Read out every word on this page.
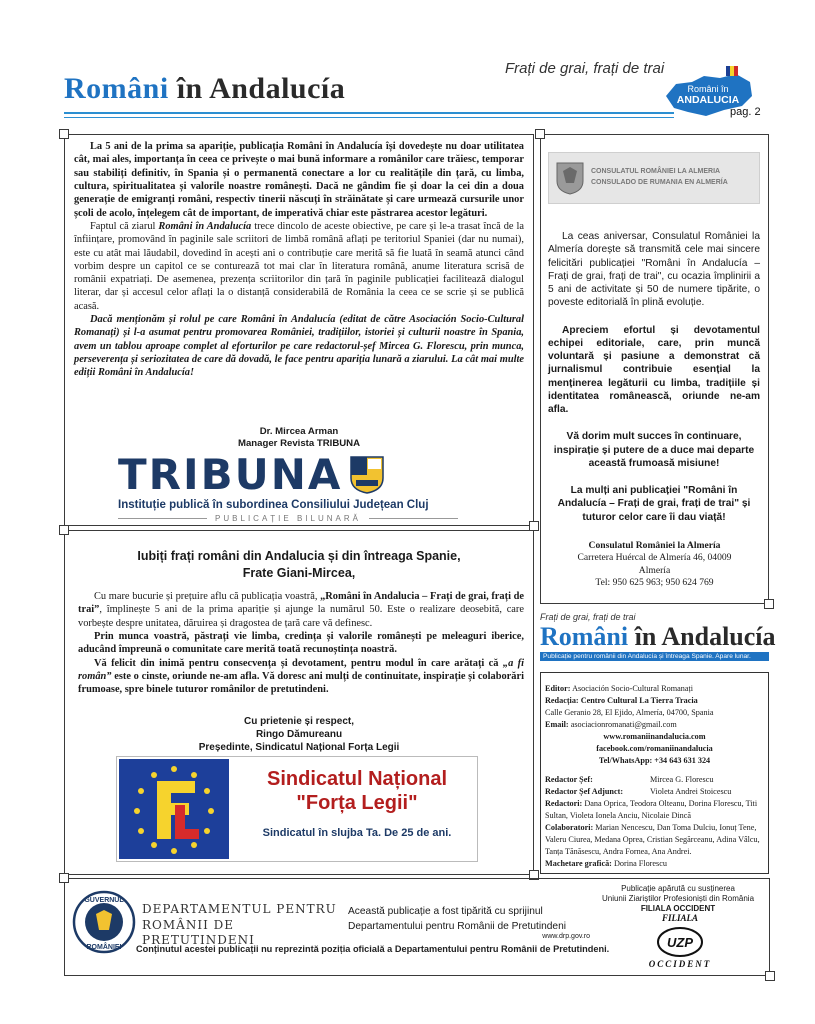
Români în Andalucía
Frați de grai, frați de trai
Români în
ANDALUCIA
pag. 2

La 5 ani de la prima sa apariție, publicația Români în Andalucía își dovedește nu doar utilitatea cât, mai ales, importanța în ceea ce privește o mai bună informare a românilor care trăiesc, temporar sau stabiliți definitiv, în Spania și o permanentă conectare a lor cu realitățile din țară, cu limba, cultura, spiritualitatea și valorile noastre românești. Dacă ne gândim fie și doar la cei din a doua generație de emigranți români, respectiv tinerii născuți în străinătate și care urmează cursurile unor școli de acolo, înțelegem cât de important, de imperativă chiar este păstrarea acestor legături.

Faptul că ziarul Români în Andalucía trece dincolo de aceste obiective, pe care și le-a trasat încă de la înființare, promovând în paginile sale scriitori de limbă română aflați pe teritoriul Spaniei (dar nu numai), este cu atât mai lăudabil, dovedind în acești ani o contribuție care merită să fie luată în seamă atunci când vorbim despre un capitol ce se conturează tot mai clar în literatura română, anume literatura scrisă de românii expatriați. De asemenea, prezența scriitorilor din țară în paginile publicației facilitează dialogul literar, dar și accesul celor aflați la o distanță considerabilă de România la ceea ce se scrie și se publică acasă.

Dacă menționăm și rolul pe care Români în Andalucía (editat de către Asociación Socio-Cultural Romanați) și l-a asumat pentru promovarea României, tradițiilor, istoriei și culturii noastre în Spania, avem un tablou aproape complet al eforturilor pe care redactorul-șef Mircea G. Florescu, prin munca, perseverența și seriozitatea de care dă dovadă, le face pentru apariția lunară a ziarului. La cât mai multe ediții Români în Andalucía!

Dr. Mircea Arman
Manager Revista TRIBUNA
TRIBUNA
Instituție publică în subordinea Consiliului Județean Cluj
PUBLICAȚIE BILUNARĂ
Iubiți frați români din Andalucia și din întreaga Spanie,
Frate Giani-Mircea,

Cu mare bucurie și prețuire aflu că publicația voastră, „Români în Andalucia – Frați de grai, frați de trai”, împlinește 5 ani de la prima apariție și ajunge la numărul 50. Este o realizare deosebită, care vorbește despre unitatea, dăruirea și dragostea de țară care vă definesc.

Prin munca voastră, păstrați vie limba, credința și valorile românești pe meleaguri iberice, aducând împreună o comunitate care merită toată recunoștința noastră.

Vă felicit din inimă pentru consecvența și devotament, pentru modul în care arătați că „a fi român” este o cinste, oriunde ne-am afla. Vă doresc ani mulți de continuitate, inspirație și colaborări frumoase, spre binele tuturor românilor de pretutindeni.

Cu prietenie și respect,
Ringo Dămureanu
Președinte, Sindicatul Național Forța Legii
Sindicatul Național
"Forța Legii"
Sindicatul în slujba Ta. De 25 de ani.
CONSULATUL ROMÂNIEI LA ALMERIA
CONSULADO DE RUMANIA EN ALMERÍA

La ceas aniversar, Consulatul României la Almería dorește să transmită cele mai sincere felicitări publicației "Români în Andalucía – Frați de grai, frați de trai", cu ocazia împlinirii a 5 ani de activitate și 50 de numere tipărite, o poveste editorială în plină evoluție.

Apreciem efortul și devotamentul echipei editoriale, care, prin muncă voluntară și pasiune a demonstrat că jurnalismul contribuie esențial la menținerea legăturii cu limba, tradițiile și identitatea românească, oriunde ne-am afla.

Vă dorim mult succes în continuare, inspirație și putere de a duce mai departe această frumoasă misiune!

La mulți ani publicației "Români în Andalucía – Frați de grai, frați de trai" și tuturor celor care îi dau viață!

Consulatul României la Almería
Carretera Huércal de Almería 46, 04009
Almería
Tel: 950 625 963; 950 624 769
Frați de grai, frați de trai
Români în Andalucía
Publicație pentru românii din Andalucía și întreaga Spanie. Apare lunar.
Editor: Asociación Socio-Cultural Romanați
Redacția: Centro Cultural La Tierra Tracia
Calle Geranio 28, El Ejido, Almería, 04700, Spania
Email: asociacionromanati@gmail.com
www.romaniinandalucia.com
facebook.com/romaniinandalucia
Tel/WhatsApp: +34 643 631 324
Redactor Șef:	Mircea G. Florescu
Redactor Șef Adjunct:	Violeta Andrei Stoicescu
Redactori: Dana Oprica, Teodora Olteanu, Dorina Florescu, Titi Sultan, Violeta Ionela Anciu, Nicolaie Dincă
Colaboratori: Marian Nencescu, Dan Toma Dulciu, Ionuț Tene, Valeru Ciurea, Medana Oprea, Cristian Segărceanu, Adina Vâlcu, Tanța Tănăsescu, Andra Fornea, Ana Andrei.
Machetare grafică: Dorina Florescu
GUVERNUL
ROMÂNIEI
DEPARTAMENTUL PENTRU
ROMÂNII DE PRETUTINDENI
Această publicație a fost tipărită cu sprijinul
Departamentului pentru Românii de Pretutindeni
www.drp.gov.ro
Conținutul acestei publicații nu reprezintă poziția oficială a Departamentului pentru Românii de Pretutindeni.
Publicație apărută cu susținerea
Uniunii Ziariștilor Profesioniști din România
FILIALA OCCIDENT
FILIALA
UZP
OCCIDENT
